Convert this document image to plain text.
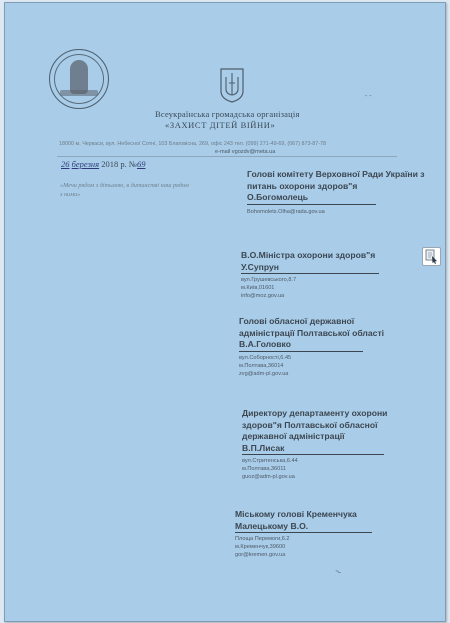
Всеукраїнська громадська організація
«ЗАХИСТ ДІТЕЙ ВІЙНИ»
18000 м. Черкаси, вул. Небесної Сотні, 103 Благовісна, 269, офіс 243 тел. (099) 271-49-69, (067) 873-87-78
e-mail vgozdv@meta.ua
26 березня 2018 р. №69
«Мечи рядом з дітьмою, в дитинстві наш рядом з ними»
Голові комітету Верховної Ради України з питань охорони здоров"я
О.Богомолець
Bohomolets.Olha@rada.gov.ua
В.О.Міністра охорони здоров"я
У.Супрун
вул.Грушевського,8.7
м.Київ,01601
info@moz.gov.ua
Голові обласної державної адміністрації Полтавської області
В.А.Головко
вул.Соборності,6.45
м.Полтава,36014
zvg@adm-pl.gov.ua
Директору департаменту охорони здоров"я Полтавської обласної державної адміністрації
В.П.Лисак
вул.Стритенська,6.44
м.Полтава,36011
guoz@adm-pl.gov.ua
Міському голові Кременчука
Малецькому В.О.
Площа Перемоги,6.2
м.Кременчук,39600
gor@kremen.gov.ua
‐ ‐
⌇
